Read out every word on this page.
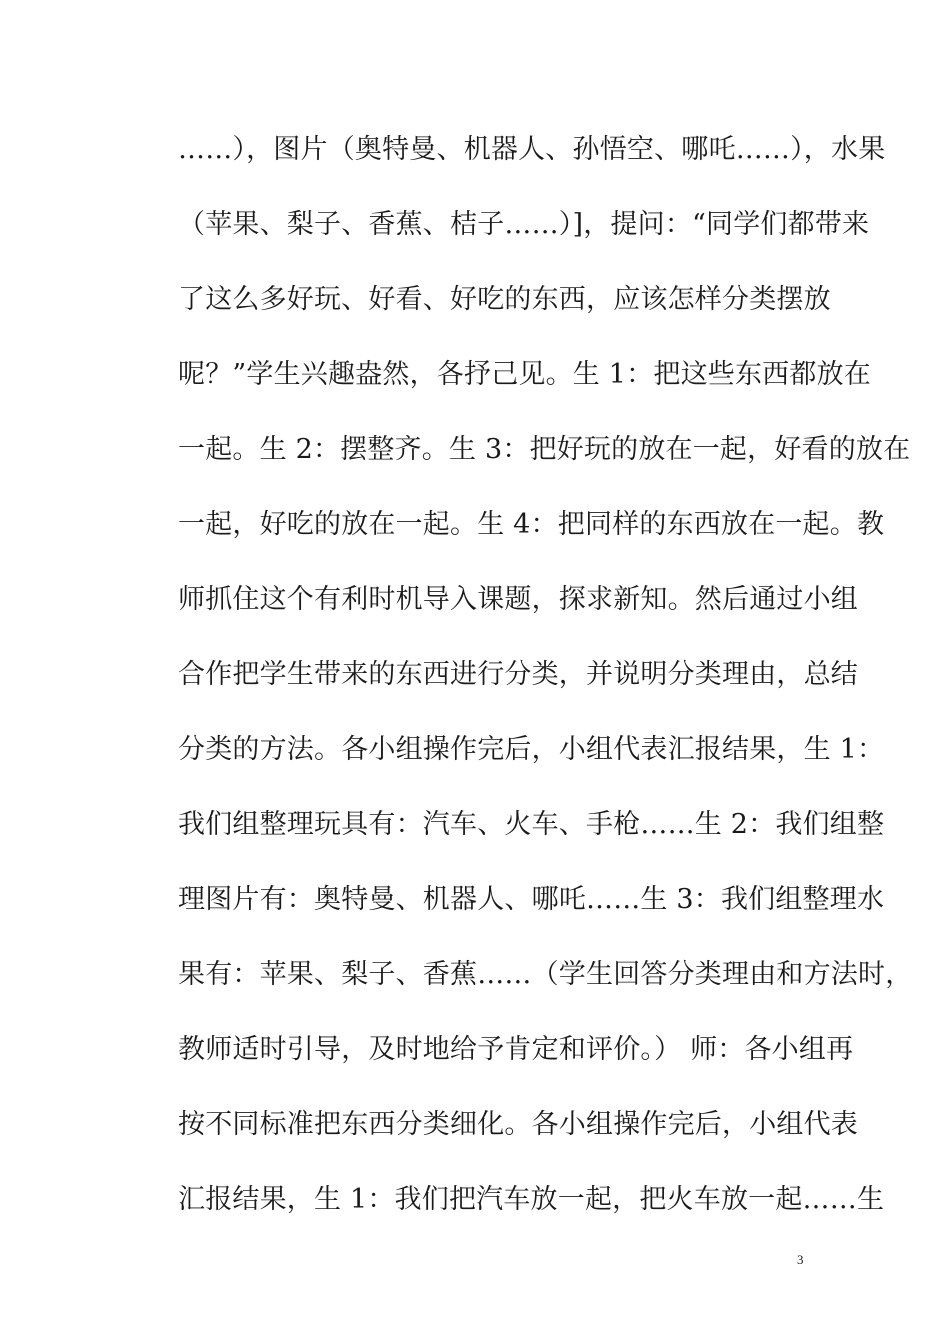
……），图片（奥特曼、机器人、孙悟空、哪吒……），水果
（苹果、梨子、香蕉、桔子……）]，提问：“同学们都带来
了这么多好玩、好看、好吃的东西，应该怎样分类摆放
呢？”学生兴趣盎然，各抒己见。生 1：把这些东西都放在
一起。生 2：摆整齐。生 3：把好玩的放在一起，好看的放在
一起，好吃的放在一起。生 4：把同样的东西放在一起。教
师抓住这个有利时机导入课题，探求新知。然后通过小组
合作把学生带来的东西进行分类，并说明分类理由，总结
分类的方法。各小组操作完后，小组代表汇报结果，生 1：
我们组整理玩具有：汽车、火车、手枪……生 2：我们组整
理图片有：奥特曼、机器人、哪吒……生 3：我们组整理水
果有：苹果、梨子、香蕉……（学生回答分类理由和方法时，
教师适时引导，及时地给予肯定和评价。） 师：各小组再
按不同标准把东西分类细化。各小组操作完后，小组代表
汇报结果，生 1：我们把汽车放一起，把火车放一起……生
3
